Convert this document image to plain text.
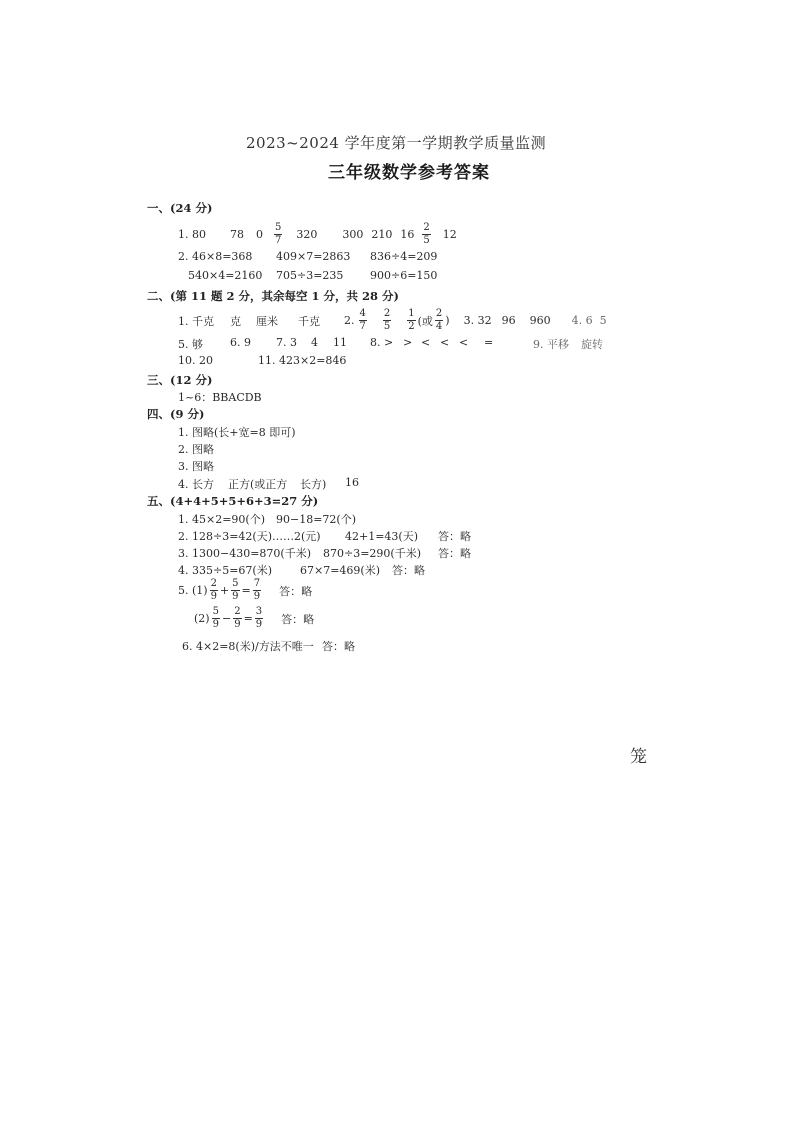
2023~2024 学年度第一学期教学质量监测
三年级数学参考答案
一、(24 分)
1. 80	78	0	$\frac{5}{7} 320$	300 210 $16 \frac{2}{5} 12$
2. 46×8=368 409×7=2863 836÷4=209
540×4=2160 705÷3=235 900÷6=150
二、(第 11 题 2 分，其余每空 1 分，共 28 分)
1. 千克	克	厘米	千克	2. $\frac{4}{7} \frac{2}{5} \frac{1}{2}$ (或 $\frac{2}{4}$ ) 3. 32 96	960	4. 6 5
5. 够 6. 9 7. 3 4 11 8. > > < < < =	9. 平移 旋转
10. 20	11. 423×2=846
三、(12 分)
1~6：BBACDB
四、(9 分)
1. 图略(长+宽=8 即可)
2. 图略
3. 图略
4. 长方 正方(或正方 长方) 16
五、(4+4+5+5+6+3=27 分)
1. 45×2=90(个) 90−18=72(个)
2. 128÷3=42(天)……2(元) 42+1=43(天) 答：略
3. 1300−430=870(千米) 870÷3=290(千米) 答：略
4. 335÷5=67(米)	67×7=469(米) 答：略
5. $(1) \frac{2}{9} + \frac{5}{9} = \frac{7}{9}$ 答：略
$(2) \frac{5}{9} - \frac{2}{9} = \frac{3}{9}$ 答：略
6. 4×2=8(米)/方法不唯一 答：略
笼
